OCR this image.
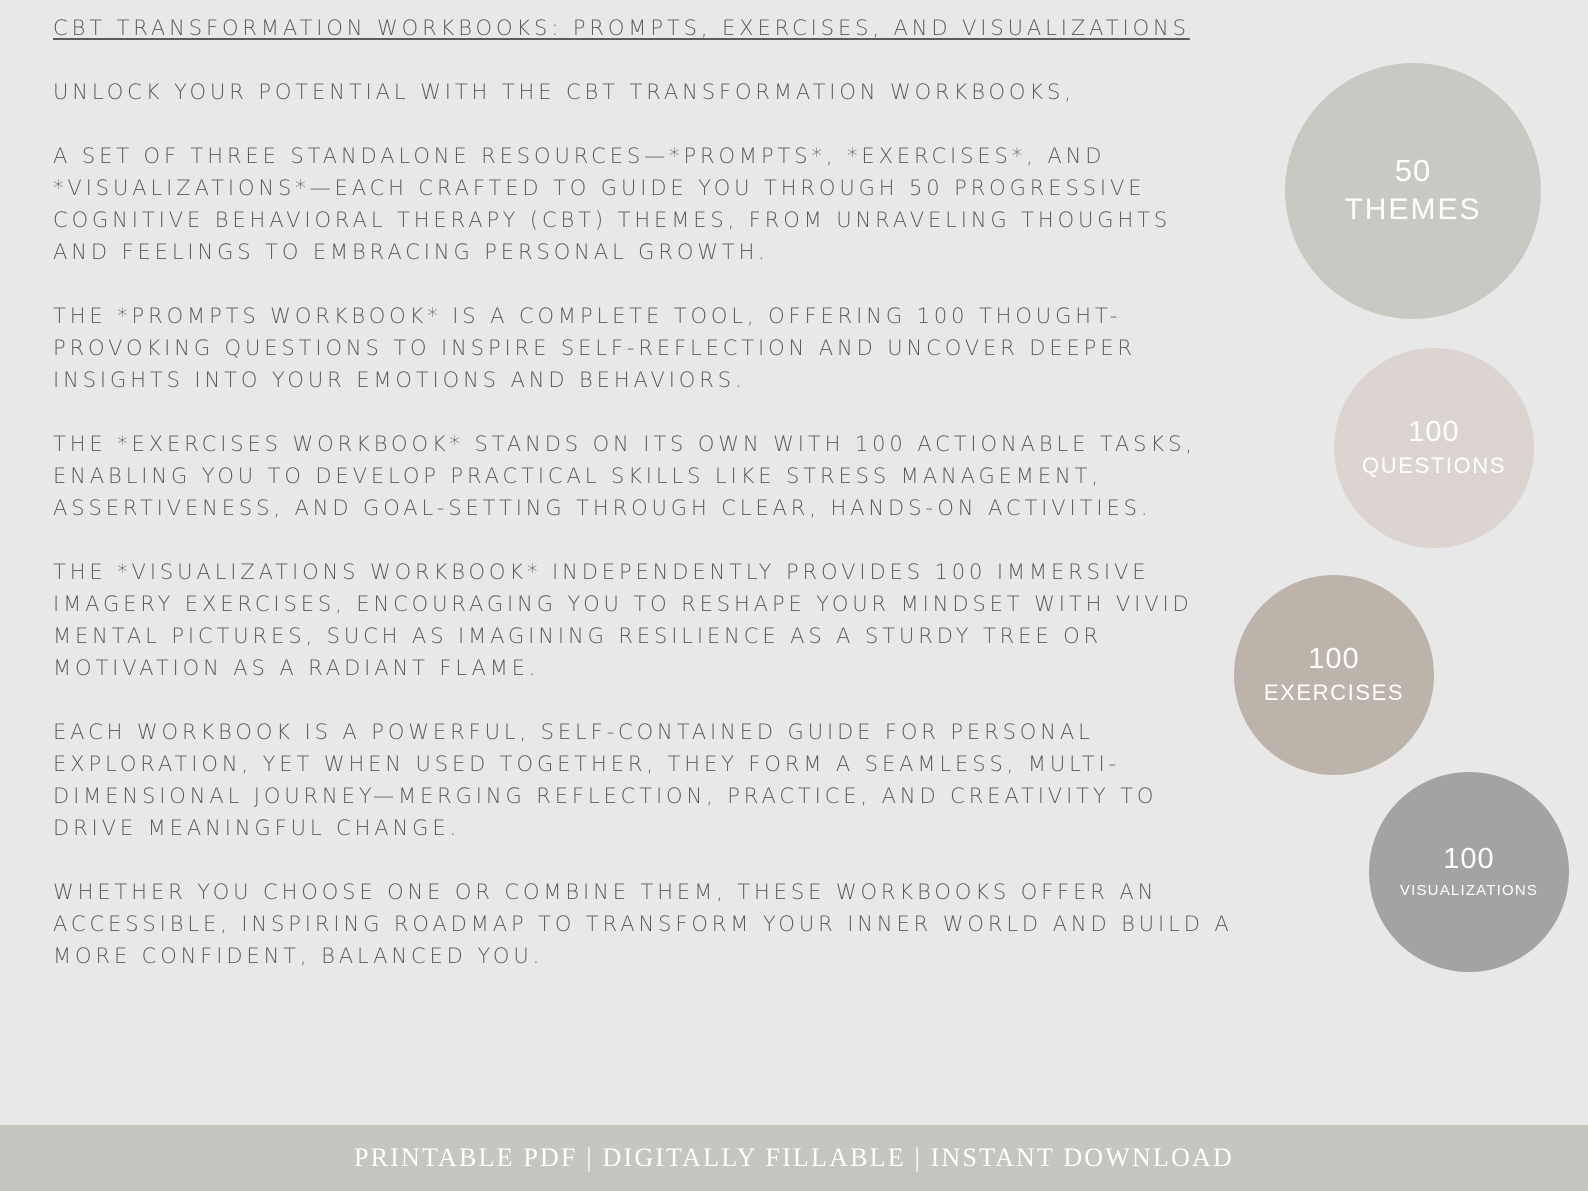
CBT TRANSFORMATION WORKBOOKS: PROMPTS, EXERCISES, AND VISUALIZATIONS

UNLOCK YOUR POTENTIAL WITH THE CBT TRANSFORMATION WORKBOOKS,

A SET OF THREE STANDALONE RESOURCES—*PROMPTS*, *EXERCISES*, AND *VISUALIZATIONS*—EACH CRAFTED TO GUIDE YOU THROUGH 50 PROGRESSIVE COGNITIVE BEHAVIORAL THERAPY (CBT) THEMES, FROM UNRAVELING THOUGHTS AND FEELINGS TO EMBRACING PERSONAL GROWTH.

THE *PROMPTS WORKBOOK* IS A COMPLETE TOOL, OFFERING 100 THOUGHT-PROVOKING QUESTIONS TO INSPIRE SELF-REFLECTION AND UNCOVER DEEPER INSIGHTS INTO YOUR EMOTIONS AND BEHAVIORS.

THE *EXERCISES WORKBOOK* STANDS ON ITS OWN WITH 100 ACTIONABLE TASKS, ENABLING YOU TO DEVELOP PRACTICAL SKILLS LIKE STRESS MANAGEMENT, ASSERTIVENESS, AND GOAL-SETTING THROUGH CLEAR, HANDS-ON ACTIVITIES.

THE *VISUALIZATIONS WORKBOOK* INDEPENDENTLY PROVIDES 100 IMMERSIVE IMAGERY EXERCISES, ENCOURAGING YOU TO RESHAPE YOUR MINDSET WITH VIVID MENTAL PICTURES, SUCH AS IMAGINING RESILIENCE AS A STURDY TREE OR MOTIVATION AS A RADIANT FLAME.

EACH WORKBOOK IS A POWERFUL, SELF-CONTAINED GUIDE FOR PERSONAL EXPLORATION, YET WHEN USED TOGETHER, THEY FORM A SEAMLESS, MULTI-DIMENSIONAL JOURNEY—MERGING REFLECTION, PRACTICE, AND CREATIVITY TO DRIVE MEANINGFUL CHANGE.

WHETHER YOU CHOOSE ONE OR COMBINE THEM, THESE WORKBOOKS OFFER AN ACCESSIBLE, INSPIRING ROADMAP TO TRANSFORM YOUR INNER WORLD AND BUILD A MORE CONFIDENT, BALANCED YOU.

50
THEMES
100
QUESTIONS
100
EXERCISES
100
VISUALIZATIONS
PRINTABLE PDF | DIGITALLY FILLABLE | INSTANT DOWNLOAD
